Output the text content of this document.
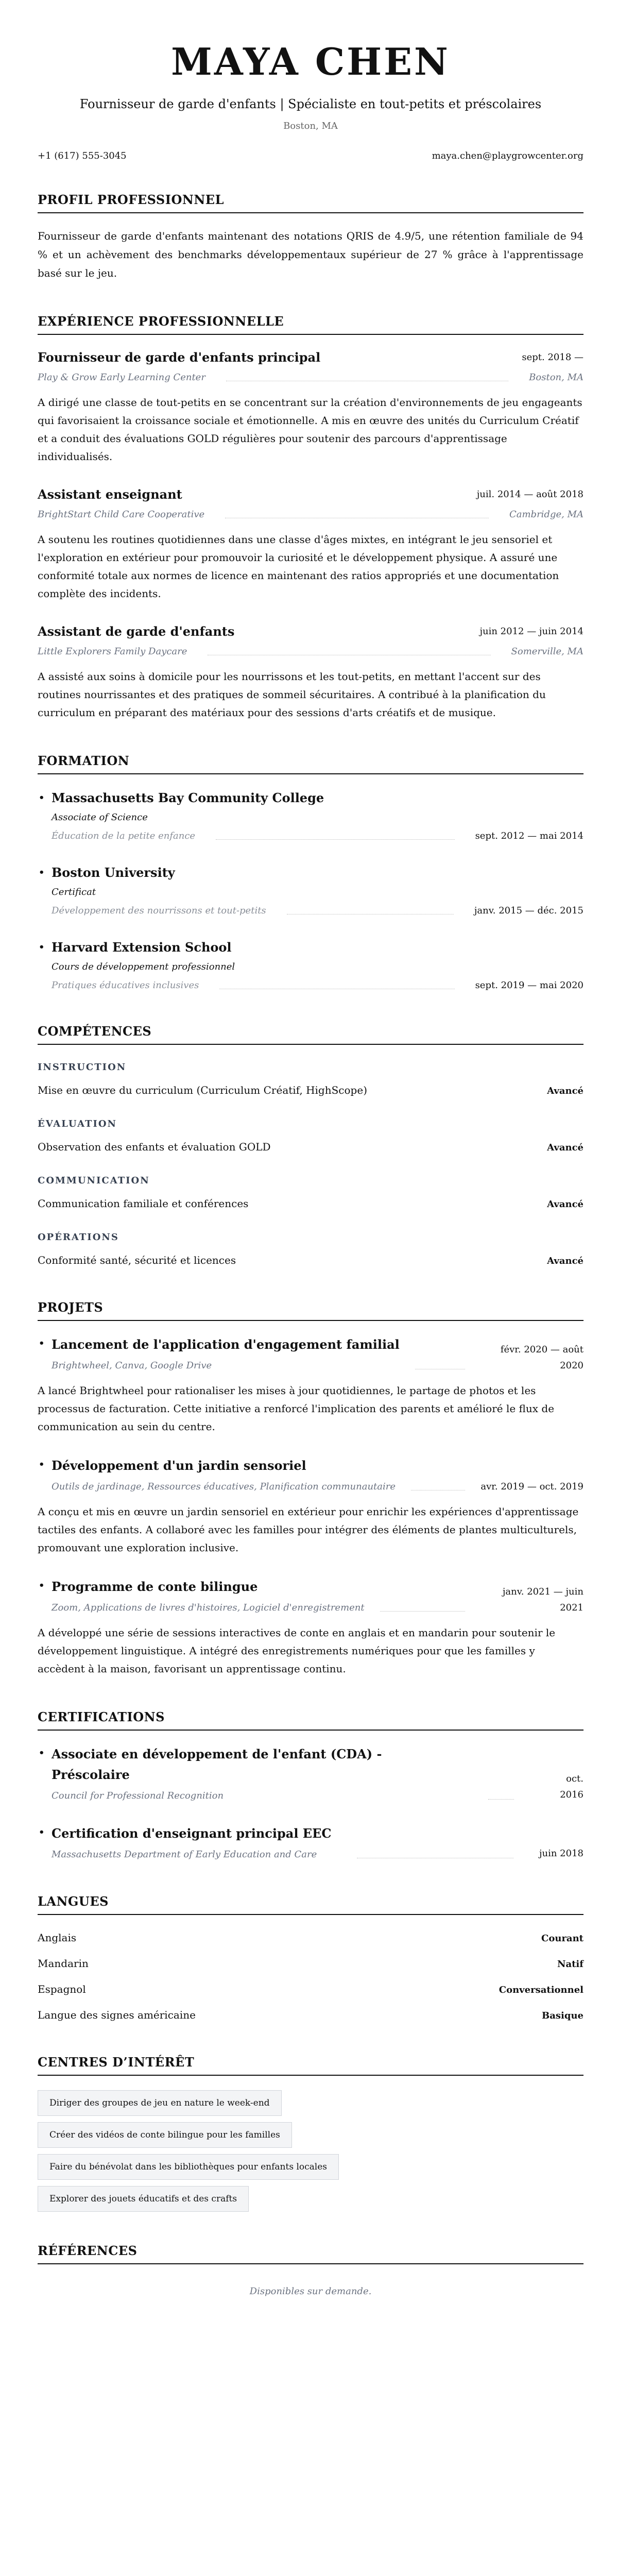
MAYA CHEN
Fournisseur de garde d'enfants | Spécialiste en tout-petits et préscolaires
Boston, MA
+1 (617) 555-3045	maya.chen@playgrowcenter.org
PROFIL PROFESSIONNEL

Fournisseur de garde d'enfants maintenant des notations QRIS de 4.9/5, une rétention familiale de 94 % et un achèvement des benchmarks développementaux supérieur de 27 % grâce à l'apprentissage basé sur le jeu.

EXPÉRIENCE PROFESSIONNELLE
Fournisseur de garde d'enfants principal	sept. 2018 —
Play & Grow Early Learning Center	Boston, MA

A dirigé une classe de tout-petits en se concentrant sur la création d'environnements de jeu engageants qui favorisaient la croissance sociale et émotionnelle. A mis en œuvre des unités du Curriculum Créatif et a conduit des évaluations GOLD régulières pour soutenir des parcours d'apprentissage individualisés.

Assistant enseignant	juil. 2014 — août 2018
BrightStart Child Care Cooperative	Cambridge, MA

A soutenu les routines quotidiennes dans une classe d'âges mixtes, en intégrant le jeu sensoriel et l'exploration en extérieur pour promouvoir la curiosité et le développement physique. A assuré une conformité totale aux normes de licence en maintenant des ratios appropriés et une documentation complète des incidents.

Assistant de garde d'enfants	juin 2012 — juin 2014
Little Explorers Family Daycare	Somerville, MA

A assisté aux soins à domicile pour les nourrissons et les tout-petits, en mettant l'accent sur des routines nourrissantes et des pratiques de sommeil sécuritaires. A contribué à la planification du curriculum en préparant des matériaux pour des sessions d'arts créatifs et de musique.

FORMATION
• Massachusetts Bay Community College
Associate of Science
Éducation de la petite enfance	sept. 2012 — mai 2014
• Boston University
Certificat
Développement des nourrissons et tout-petits	janv. 2015 — déc. 2015
• Harvard Extension School
Cours de développement professionnel
Pratiques éducatives inclusives	sept. 2019 — mai 2020
COMPÉTENCES
INSTRUCTION
Mise en œuvre du curriculum (Curriculum Créatif, HighScope)	Avancé
ÉVALUATION
Observation des enfants et évaluation GOLD	Avancé
COMMUNICATION
Communication familiale et conférences	Avancé
OPÉRATIONS
Conformité santé, sécurité et licences	Avancé
PROJETS
• Lancement de l'application d'engagement familial
Brightwheel, Canva, Google Drive
févr. 2020 — août 2020

A lancé Brightwheel pour rationaliser les mises à jour quotidiennes, le partage de photos et les processus de facturation. Cette initiative a renforcé l'implication des parents et amélioré le flux de communication au sein du centre.

• Développement d'un jardin sensoriel
Outils de jardinage, Ressources éducatives, Planification communautaire	avr. 2019 — oct. 2019

A conçu et mis en œuvre un jardin sensoriel en extérieur pour enrichir les expériences d'apprentissage tactiles des enfants. A collaboré avec les familles pour intégrer des éléments de plantes multiculturels, promouvant une exploration inclusive.

• Programme de conte bilingue
Zoom, Applications de livres d'histoires, Logiciel d'enregistrement
janv. 2021 — juin 2021

A développé une série de sessions interactives de conte en anglais et en mandarin pour soutenir le développement linguistique. A intégré des enregistrements numériques pour que les familles y accèdent à la maison, favorisant un apprentissage continu.

CERTIFICATIONS
• Associate en développement de l'enfant (CDA) - Préscolaire
Council for Professional Recognition
oct. 2016
• Certification d'enseignant principal EEC
Massachusetts Department of Early Education and Care	juin 2018
LANGUES
Anglais	Courant
Mandarin	Natif
Espagnol	Conversationnel
Langue des signes américaine	Basique
CENTRES D’INTÉRÊT
Diriger des groupes de jeu en nature le week-end
Créer des vidéos de conte bilingue pour les familles
Faire du bénévolat dans les bibliothèques pour enfants locales
Explorer des jouets éducatifs et des crafts
RÉFÉRENCES

Disponibles sur demande.
